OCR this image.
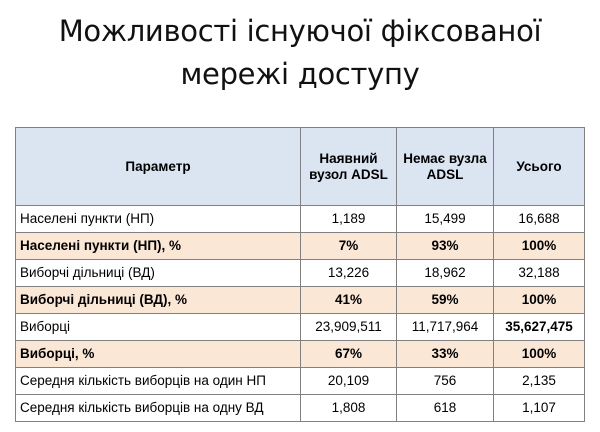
Можливості існуючої фіксованої
мережі доступу
Параметр	Наявний вузол ADSL	Немає вузла ADSL	Усього
Населені пункти (НП)	1,189	15,499	16,688
Населені пункти (НП), %	7%	93%	100%
Виборчі дільниці (ВД)	13,226	18,962	32,188
Виборчі дільниці (ВД), %	41%	59%	100%
Виборці	23,909,511	11,717,964	35,627,475
Виборці, %	67%	33%	100%
Середня кількість виборців на один НП	20,109	756	2,135
Середня кількість виборців на одну ВД	1,808	618	1,107
